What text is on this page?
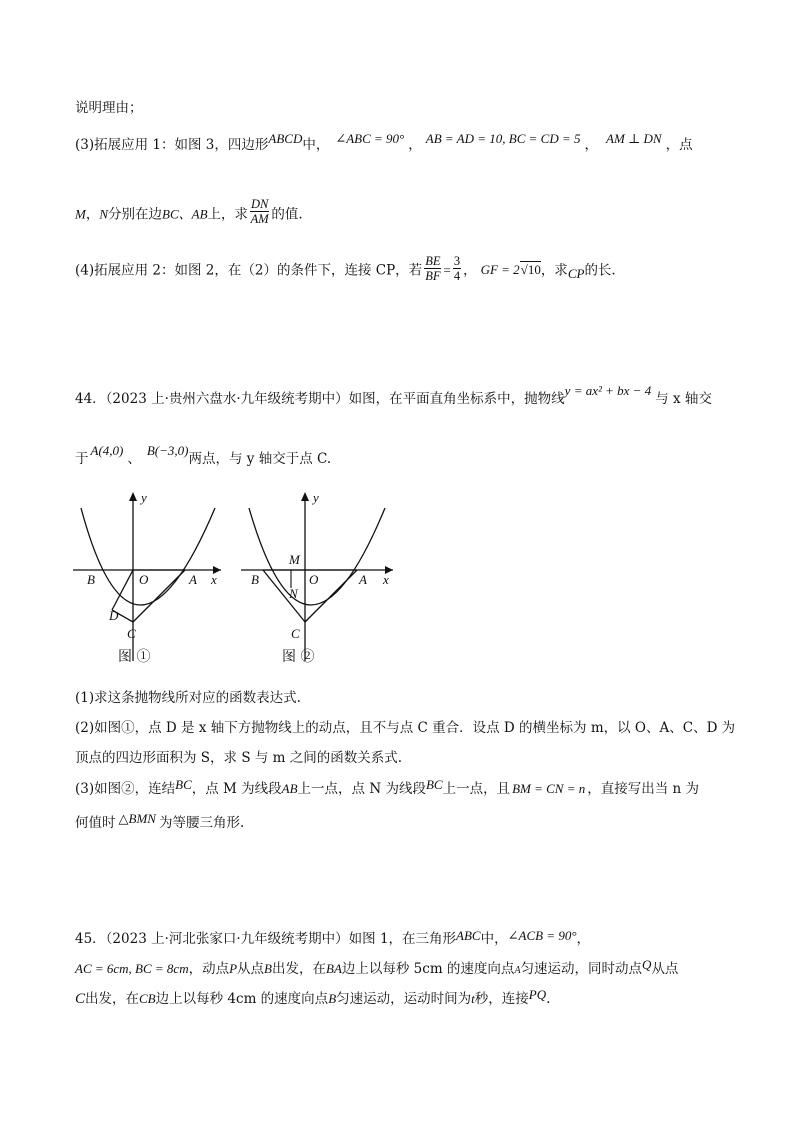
说明理由；
(3)拓展应用 1：如图 3，四边形ABCD中， ∠ABC = 90° ， AB = AD = 10, BC = CD = 5 ， AM ⊥ DN ，点
M，N分别在边BC、AB上，求 $\frac{DN}{AM}$ 的值.
(4)拓展应用 2：如图 2，在（2）的条件下，连接 CP，若 $\frac{BE}{BF} = \frac{3}{4}$ ， GF = 2√10，求CP的长.
44．（2023 上·贵州六盘水·九年级统考期中）如图，在平面直角坐标系中，抛物线y = ax² + bx − 4与 x 轴交
于A(4,0)、B(−3,0)两点，与 y 轴交于点 C.
y
x
B	O	A
D
C
图 ①
y
x
B	O	A
M
N
C
图 ②
(1)求这条抛物线所对应的函数表达式.
(2)如图①，点 D 是 x 轴下方抛物线上的动点，且不与点 C 重合．设点 D 的横坐标为 m，以 O、A、C、D 为
顶点的四边形面积为 S，求 S 与 m 之间的函数关系式.
(3)如图②，连结BC，点 M 为线段AB上一点，点 N 为线段BC上一点，且 BM = CN = n ，直接写出当 n 为
何值时 △BMN 为等腰三角形.
45．（2023 上·河北张家口·九年级统考期中）如图 1，在三角形ABC中，∠ACB = 90°，
AC = 6cm, BC = 8cm，动点P从点B出发，在BA边上以每秒 5cm 的速度向点A匀速运动，同时动点Q从点
C出发，在CB边上以每秒 4cm 的速度向点B匀速运动，运动时间为t秒，连接PQ.
